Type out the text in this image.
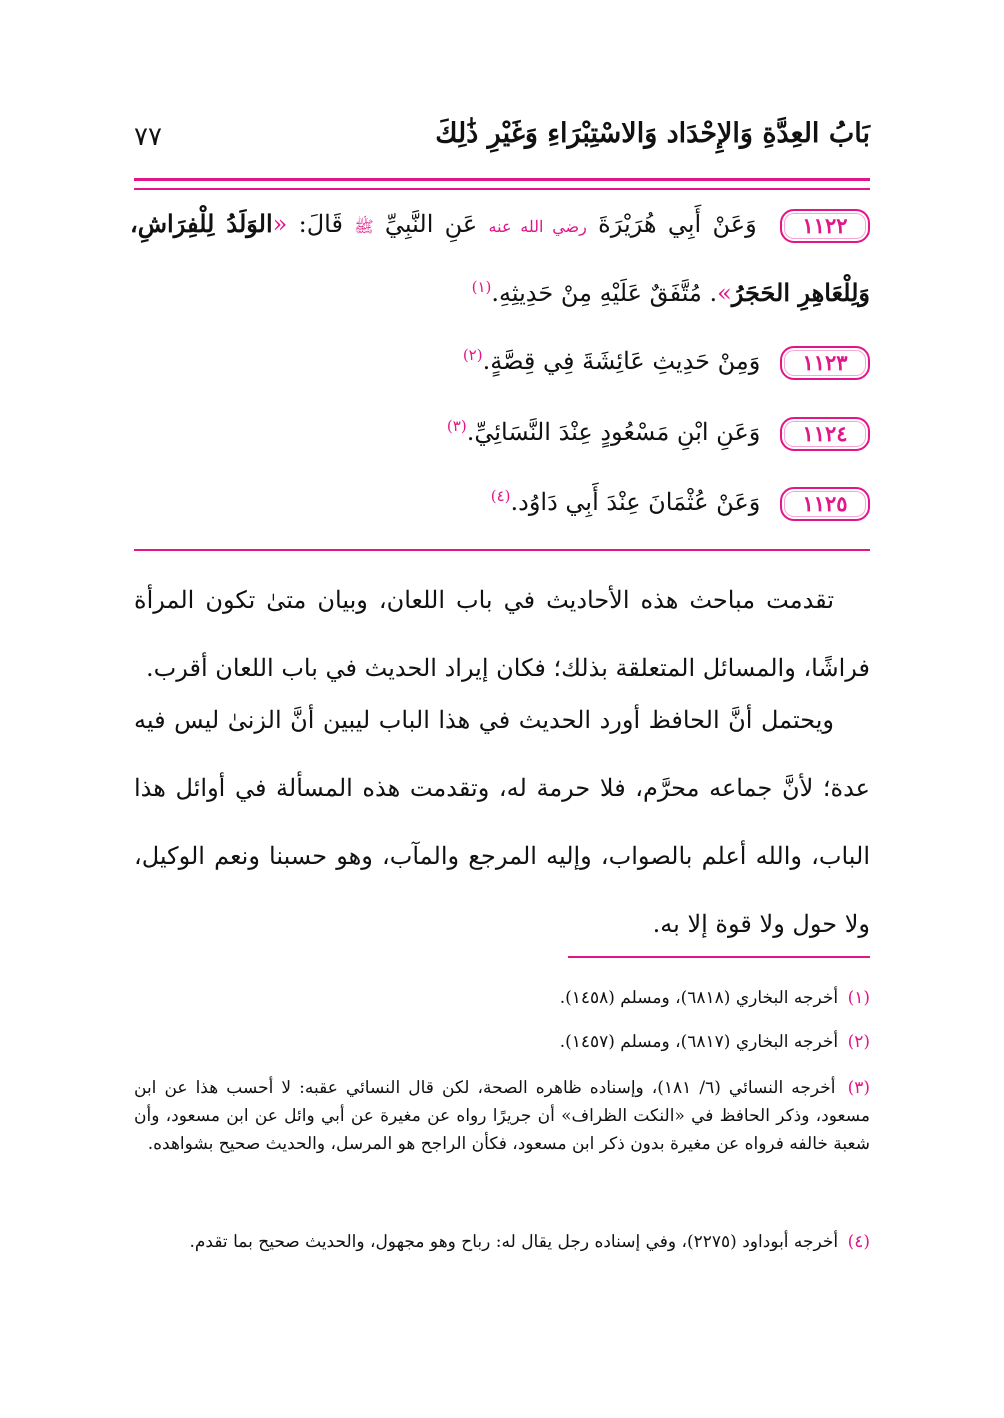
بَابُ العِدَّةِ وَالإِحْدَاد وَالاسْتِبْرَاءِ وَغَيْرِ ذَٰلِكَ
٧٧
١١٢٢ وَعَنْ أَبِي هُرَيْرَةَ رضي الله عنه عَنِ النَّبِيِّ ﷺ قَالَ: «الوَلَدُ لِلْفِرَاشِ، وَلِلْعَاهِرِ الحَجَرُ». مُتَّفَقٌ عَلَيْهِ مِنْ حَدِيثِهِ.$^{(١)}$
١١٢٣ وَمِنْ حَدِيثِ عَائِشَةَ فِي قِصَّةٍ.$^{(٢)}$
١١٢٤ وَعَنِ ابْنِ مَسْعُودٍ عِنْدَ النَّسَائِيِّ.$^{(٣)}$
١١٢٥ وَعَنْ عُثْمَانَ عِنْدَ أَبِي دَاوُد.$^{(٤)}$

تقدمت مباحث هذه الأحاديث في باب اللعان، وبيان متىٰ تكون المرأة فراشًا، والمسائل المتعلقة بذلك؛ فكان إيراد الحديث في باب اللعان أقرب.

ويحتمل أنَّ الحافظ أورد الحديث في هذا الباب ليبين أنَّ الزنىٰ ليس فيه عدة؛ لأنَّ جماعه محرَّم، فلا حرمة له، وتقدمت هذه المسألة في أوائل هذا الباب، والله أعلم بالصواب، وإليه المرجع والمآب، وهو حسبنا ونعم الوكيل، ولا حول ولا قوة إلا به.

(١) أخرجه البخاري (٦٨١٨)، ومسلم (١٤٥٨).
(٢) أخرجه البخاري (٦٨١٧)، ومسلم (١٤٥٧).
(٣) أخرجه النسائي (٦/ ١٨١)، وإسناده ظاهره الصحة، لكن قال النسائي عقبه: لا أحسب هذا عن ابن مسعود، وذكر الحافظ في «النكت الظراف» أن جريرًا رواه عن مغيرة عن أبي وائل عن ابن مسعود، وأن شعبة خالفه فرواه عن مغيرة بدون ذكر ابن مسعود، فكأن الراجح هو المرسل، والحديث صحيح بشواهده.
(٤) أخرجه أبوداود (٢٢٧٥)، وفي إسناده رجل يقال له: رباح وهو مجهول، والحديث صحيح بما تقدم.
